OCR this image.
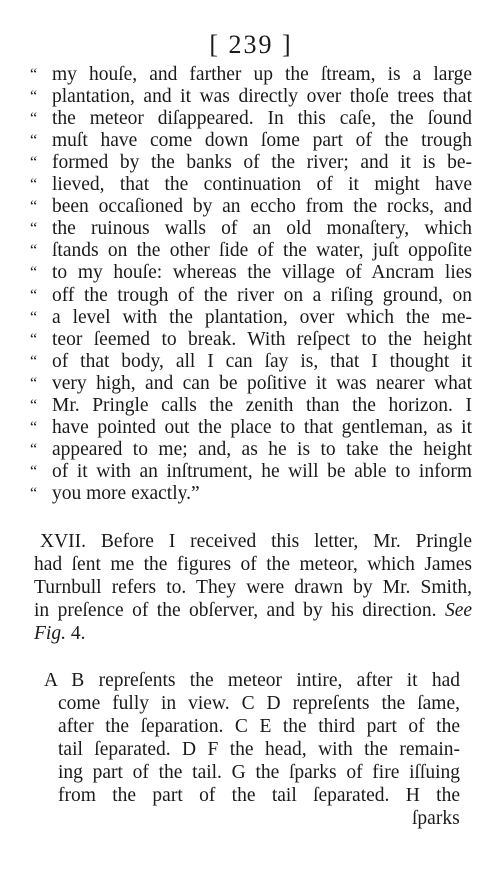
[ 239 ]
“ my houſe, and farther up the ſtream, is a large
“ plantation, and it was directly over thoſe trees that
“ the meteor diſappeared. In this caſe, the ſound
“ muſt have come down ſome part of the trough
“ formed by the banks of the river; and it is be-
“ lieved, that the continuation of it might have
“ been occaſioned by an eccho from the rocks, and
“ the ruinous walls of an old monaſtery, which
“ ſtands on the other ſide of the water, juſt oppoſite
“ to my houſe: whereas the village of Ancram lies
“ off the trough of the river on a riſing ground, on
“ a level with the plantation, over which the me-
“ teor ſeemed to break. With reſpect to the height
“ of that body, all I can ſay is, that I thought it
“ very high, and can be poſitive it was nearer what
“ Mr. Pringle calls the zenith than the horizon. I
“ have pointed out the place to that gentleman, as it
“ appeared to me; and, as he is to take the height
“ of it with an inſtrument, he will be able to inform
“ you more exactly.”
XVII. Before I received this letter, Mr. Pringle
had ſent me the figures of the meteor, which James
Turnbull refers to. They were drawn by Mr. Smith,
in preſence of the obſerver, and by his direction. See
Fig. 4.
A B repreſents the meteor intire, after it had
come fully in view. C D repreſents the ſame,
after the ſeparation. C E the third part of the
tail ſeparated. D F the head, with the remain-
ing part of the tail. G the ſparks of fire iſſuing
from the part of the tail ſeparated. H the
ſparks
